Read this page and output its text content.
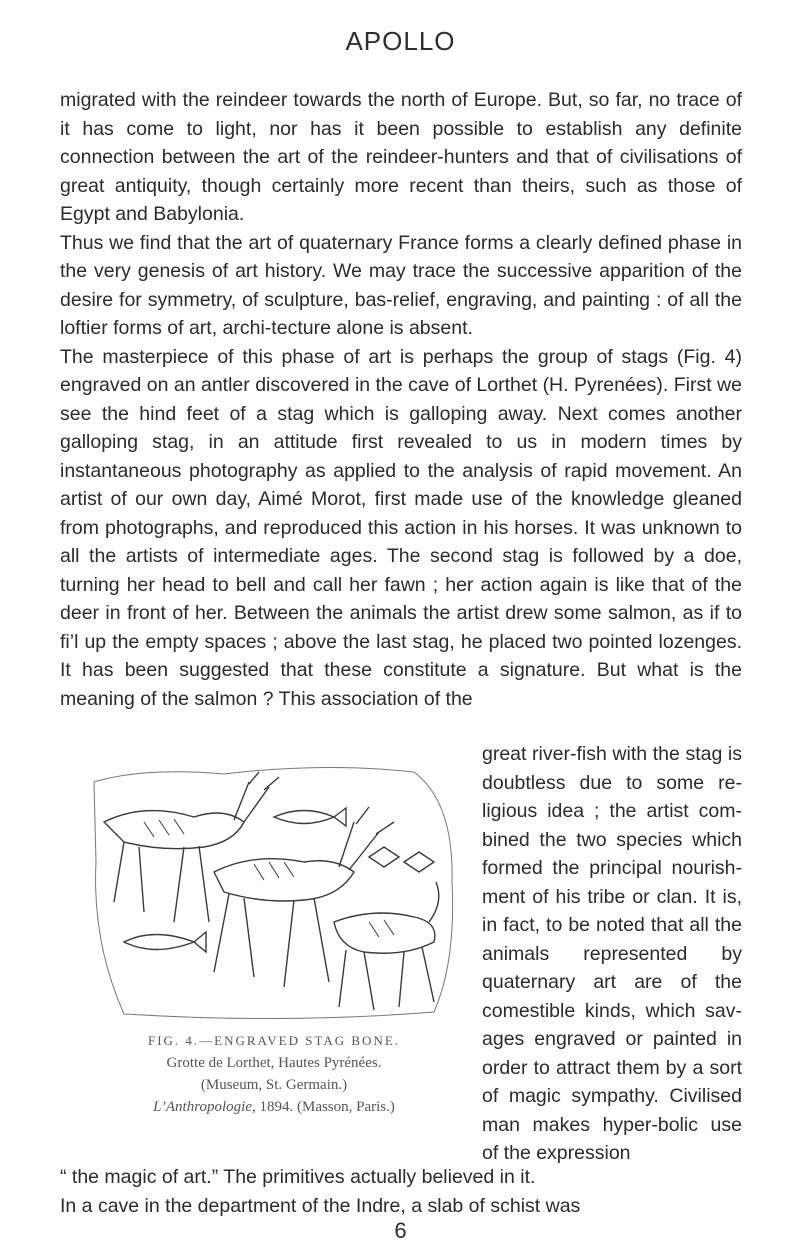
APOLLO

migrated with the reindeer towards the north of Europe. But, so far, no trace of it has come to light, nor has it been possible to establish any definite connection between the art of the reindeer-hunters and that of civilisations of great antiquity, though certainly more recent than theirs, such as those of Egypt and Babylonia.

Thus we find that the art of quaternary France forms a clearly defined phase in the very genesis of art history. We may trace the successive apparition of the desire for symmetry, of sculpture, bas-relief, engraving, and painting : of all the loftier forms of art, archi-tecture alone is absent.

The masterpiece of this phase of art is perhaps the group of stags (Fig. 4) engraved on an antler discovered in the cave of Lorthet (H. Pyrenées). First we see the hind feet of a stag which is galloping away. Next comes another galloping stag, in an attitude first revealed to us in modern times by instantaneous photography as applied to the analysis of rapid movement. An artist of our own day, Aimé Morot, first made use of the knowledge gleaned from photographs, and reproduced this action in his horses. It was unknown to all the artists of intermediate ages. The second stag is followed by a doe, turning her head to bell and call her fawn ; her action again is like that of the deer in front of her. Between the animals the artist drew some salmon, as if to fi’l up the empty spaces ; above the last stag, he placed two pointed lozenges. It has been suggested that these constitute a signature. But what is the meaning of the salmon ? This association of the

FIG. 4.—ENGRAVED STAG BONE.
Grotte de Lorthet, Hautes Pyrénées.
(Museum, St. Germain.)
L’Anthropologie, 1894. (Masson, Paris.)
great river-fish with the stag is doubtless due to some re-ligious idea ; the artist com-bined the two species which formed the principal nourish-ment of his tribe or clan. It is, in fact, to be noted that all the animals represented by quaternary art are of the comestible kinds, which sav-ages engraved or painted in order to attract them by a sort of magic sympathy. Civilised man makes hyper-bolic use of the expression

“ the magic of art.” The primitives actually believed in it.

In a cave in the department of the Indre, a slab of schist was

6
